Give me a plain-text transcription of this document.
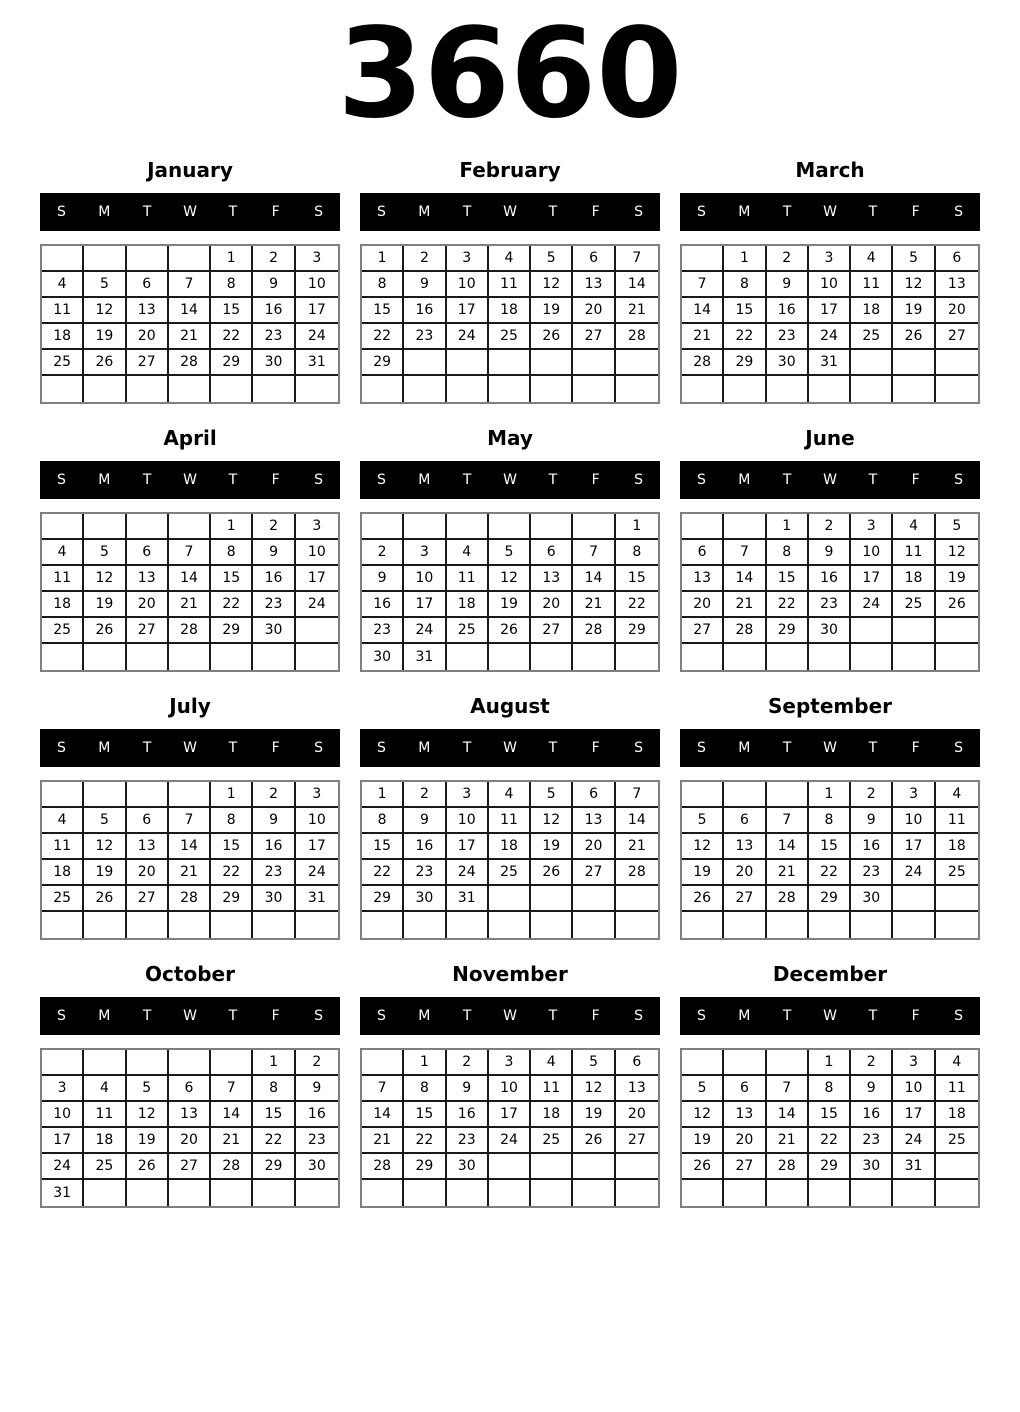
3660
January
S	M	T	W	T	F	S
				1	2	3
4	5	6	7	8	9	10
11	12	13	14	15	16	17
18	19	20	21	22	23	24
25	26	27	28	29	30	31

February
S	M	T	W	T	F	S
1	2	3	4	5	6	7
8	9	10	11	12	13	14
15	16	17	18	19	20	21
22	23	24	25	26	27	28
29						

March
S	M	T	W	T	F	S
	1	2	3	4	5	6
7	8	9	10	11	12	13
14	15	16	17	18	19	20
21	22	23	24	25	26	27
28	29	30	31			

April
S	M	T	W	T	F	S
				1	2	3
4	5	6	7	8	9	10
11	12	13	14	15	16	17
18	19	20	21	22	23	24
25	26	27	28	29	30	

May
S	M	T	W	T	F	S
						1
2	3	4	5	6	7	8
9	10	11	12	13	14	15
16	17	18	19	20	21	22
23	24	25	26	27	28	29
30	31					
June
S	M	T	W	T	F	S
		1	2	3	4	5
6	7	8	9	10	11	12
13	14	15	16	17	18	19
20	21	22	23	24	25	26
27	28	29	30			

July
S	M	T	W	T	F	S
				1	2	3
4	5	6	7	8	9	10
11	12	13	14	15	16	17
18	19	20	21	22	23	24
25	26	27	28	29	30	31

August
S	M	T	W	T	F	S
1	2	3	4	5	6	7
8	9	10	11	12	13	14
15	16	17	18	19	20	21
22	23	24	25	26	27	28
29	30	31				

September
S	M	T	W	T	F	S
			1	2	3	4
5	6	7	8	9	10	11
12	13	14	15	16	17	18
19	20	21	22	23	24	25
26	27	28	29	30		

October
S	M	T	W	T	F	S
					1	2
3	4	5	6	7	8	9
10	11	12	13	14	15	16
17	18	19	20	21	22	23
24	25	26	27	28	29	30
31						
November
S	M	T	W	T	F	S
	1	2	3	4	5	6
7	8	9	10	11	12	13
14	15	16	17	18	19	20
21	22	23	24	25	26	27
28	29	30				

December
S	M	T	W	T	F	S
			1	2	3	4
5	6	7	8	9	10	11
12	13	14	15	16	17	18
19	20	21	22	23	24	25
26	27	28	29	30	31	
